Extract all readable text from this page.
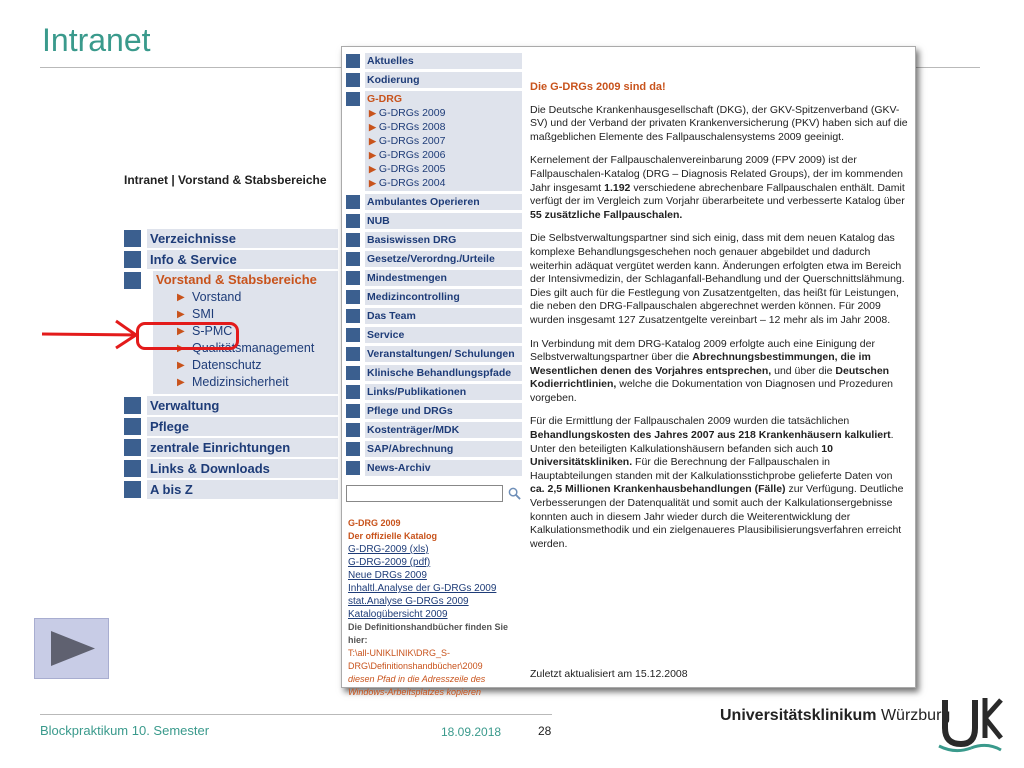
Intranet
Intranet | Vorstand & Stabsbereiche
Verzeichnisse
Info & Service
Vorstand & Stabsbereiche
▶ Vorstand
▶ SMI
▶ S-PMC
▶ Qualitätsmanagement
▶ Datenschutz
▶ Medizinsicherheit
Verwaltung
Pflege
zentrale Einrichtungen
Links & Downloads
A bis Z
Aktuelles
Kodierung
G-DRG
▶ G-DRGs 2009
▶ G-DRGs 2008
▶ G-DRGs 2007
▶ G-DRGs 2006
▶ G-DRGs 2005
▶ G-DRGs 2004
Ambulantes Operieren
NUB
Basiswissen DRG
Gesetze/Verordng./Urteile
Mindestmengen
Medizincontrolling
Das Team
Service
Veranstaltungen/ Schulungen
Klinische Behandlungspfade
Links/Publikationen
Pflege und DRGs
Kostenträger/MDK
SAP/Abrechnung
News-Archiv
G-DRG 2009
Der offizielle Katalog
G-DRG-2009 (xls)
G-DRG-2009 (pdf)
Neue DRGs 2009
Inhaltl.Analyse der G-DRGs 2009
stat.Analyse G-DRGs 2009
Katalogübersicht 2009
Die Definitionshandbücher finden Sie hier:
T:\all-UNIKLINIK\DRG_S-DRG\Definitionshandbücher\2009
diesen Pfad in die Adresszeile des Windows-Arbeitsplatzes kopieren
Die G-DRGs 2009 sind da!

Die Deutsche Krankenhausgesellschaft (DKG), der GKV-Spitzenverband (GKV-SV) und der Verband der privaten Krankenversicherung (PKV) haben sich auf die maßgeblichen Elemente des Fallpauschalensystems 2009 geeinigt.

Kernelement der Fallpauschalenvereinbarung 2009 (FPV 2009) ist der Fallpauschalen-Katalog (DRG – Diagnosis Related Groups), der im kommenden Jahr insgesamt 1.192 verschiedene abrechenbare Fallpauschalen enthält. Damit verfügt der im Vergleich zum Vorjahr überarbeitete und verbesserte Katalog über 55 zusätzliche Fallpauschalen.

Die Selbstverwaltungspartner sind sich einig, dass mit dem neuen Katalog das komplexe Behandlungsgeschehen noch genauer abgebildet und dadurch weiterhin adäquat vergütet werden kann. Änderungen erfolgten etwa im Bereich der Intensivmedizin, der Schlaganfall-Behandlung und der Querschnittslähmung. Dies gilt auch für die Festlegung von Zusatzentgelten, das heißt für Leistungen, die neben den DRG-Fallpauschalen abgerechnet werden können. Für 2009 wurden insgesamt 127 Zusatzentgelte vereinbart – 12 mehr als im Jahr 2008.

In Verbindung mit dem DRG-Katalog 2009 erfolgte auch eine Einigung der Selbstverwaltungspartner über die Abrechnungsbestimmungen, die im Wesentlichen denen des Vorjahres entsprechen, und über die Deutschen Kodierrichtlinien, welche die Dokumentation von Diagnosen und Prozeduren vorgeben.

Für die Ermittlung der Fallpauschalen 2009 wurden die tatsächlichen Behandlungskosten des Jahres 2007 aus 218 Krankenhäusern kalkuliert. Unter den beteiligten Kalkulationshäusern befanden sich auch 10 Universitätskliniken. Für die Berechnung der Fallpauschalen in Hauptabteilungen standen mit der Kalkulationsstichprobe gelieferte Daten von ca. 2,5 Millionen Krankenhausbehandlungen (Fälle) zur Verfügung. Deutliche Verbesserungen der Datenqualität und somit auch der Kalkulationsergebnisse konnten auch in diesem Jahr wieder durch die Weiterentwicklung der Kalkulationsmethodik und ein zielgenaueres Plausibilisierungsverfahren erreicht werden.

Zuletzt aktualisiert am 15.12.2008
Blockpraktikum 10. Semester	18.09.2018	28
Universitätsklinikum Würzburg
